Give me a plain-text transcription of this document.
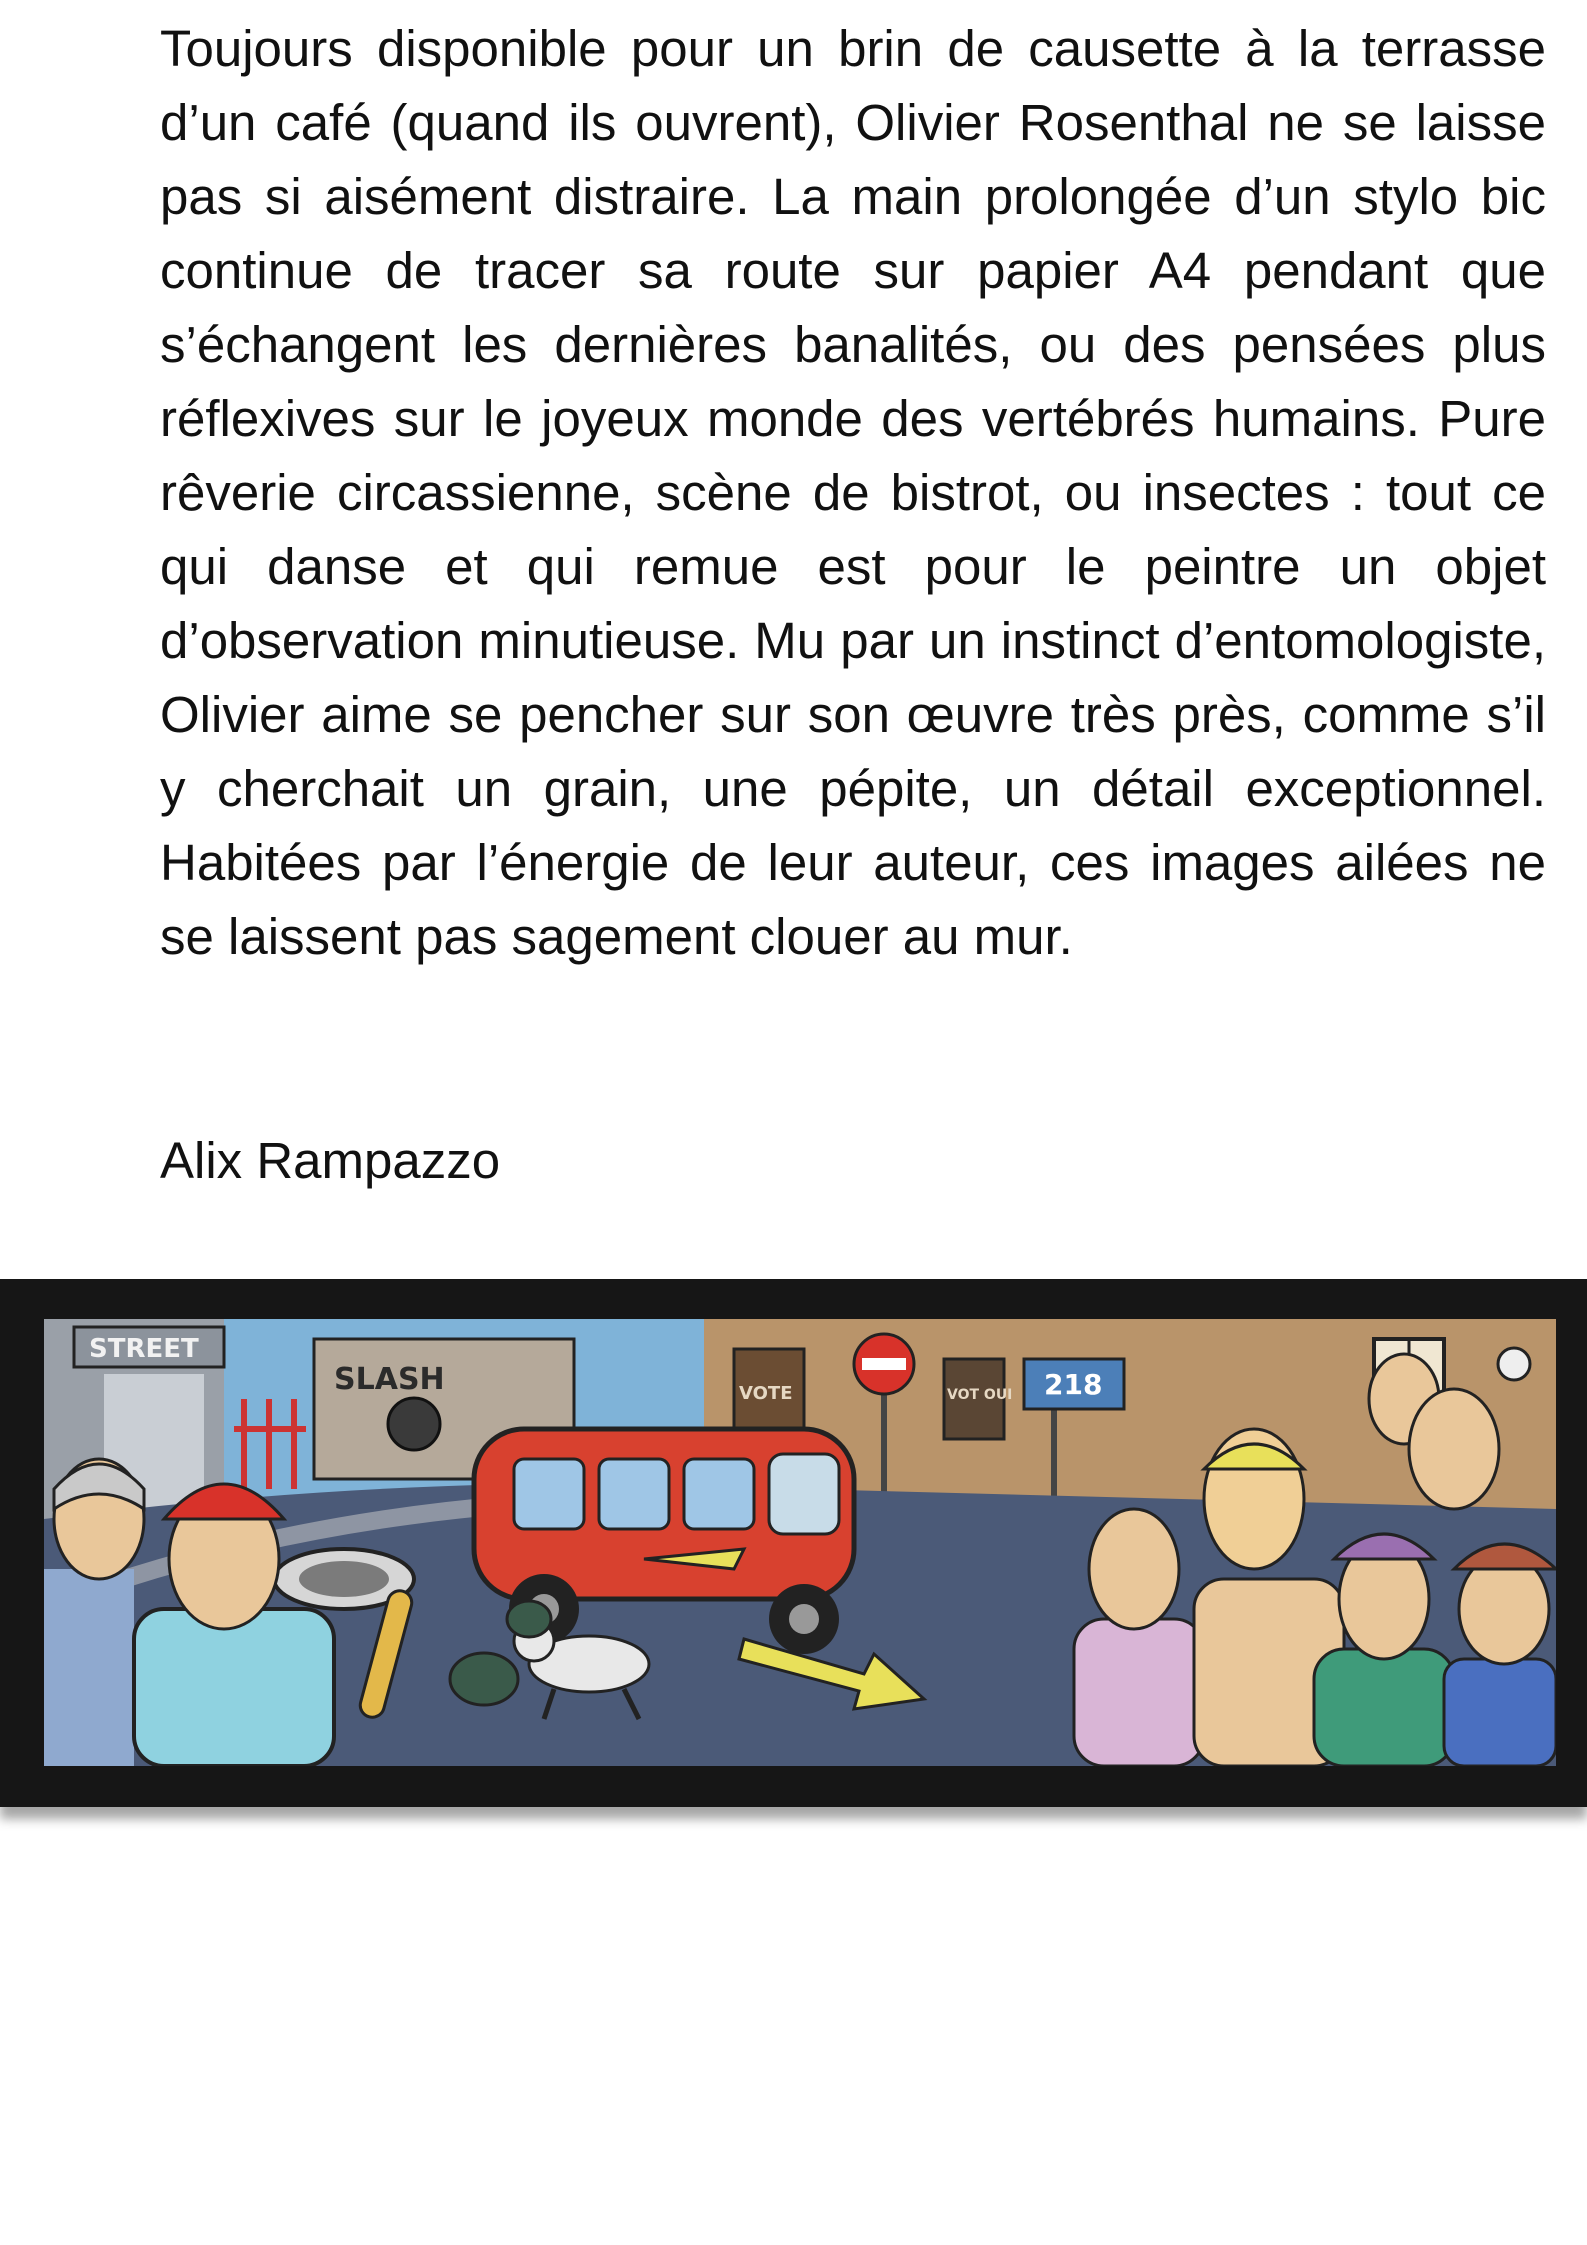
Toujours disponible pour un brin de causette à la terrasse d’un café (quand ils ouvrent), Olivier Rosenthal ne se laisse pas si aisément distraire. La main prolongée d’un stylo bic continue de tracer sa route sur papier A4 pendant que s’échangent les dernières banalités, ou des pensées plus réflexives sur le joyeux monde des vertébrés humains. Pure rêverie circassienne, scène de bistrot, ou insectes : tout ce qui danse et qui remue est pour le peintre un objet d’observation minutieuse. Mu par un instinct d’entomologiste, Olivier aime se pencher sur son œuvre très près, comme s’il y cherchait un grain, une pépite, un détail exceptionnel. Habitées par l’énergie de leur auteur, ces images ailées ne se laissent pas sagement clouer au mur.

Alix Rampazzo

STREET
SLASH	VOTE	VOT OUI 218
